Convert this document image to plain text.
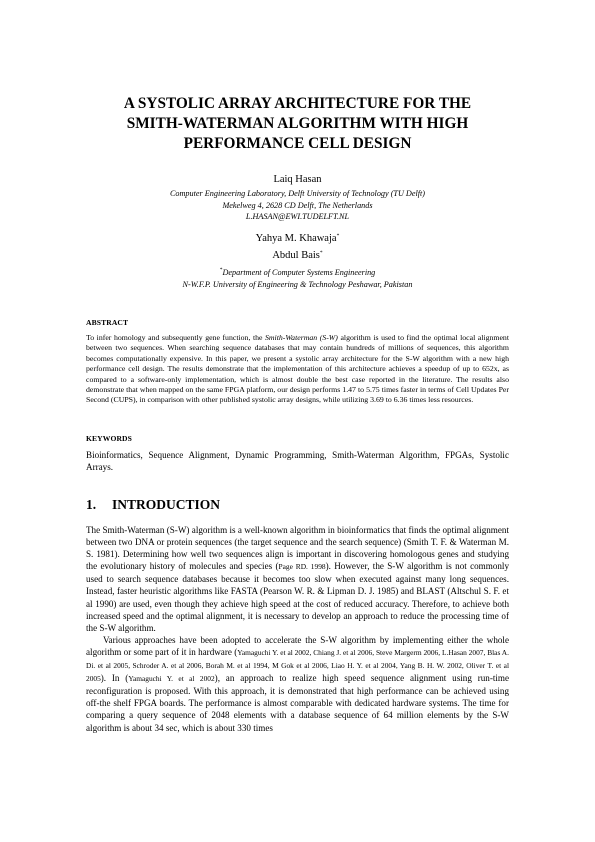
A SYSTOLIC ARRAY ARCHITECTURE FOR THE
SMITH-WATERMAN ALGORITHM WITH HIGH
PERFORMANCE CELL DESIGN
Laiq Hasan
Computer Engineering Laboratory, Delft University of Technology (TU Delft)
Mekelweg 4, 2628 CD Delft, The Netherlands
L.HASAN@EWI.TUDELFT.NL
Yahya M. Khawaja*
Abdul Bais*
*Department of Computer Systems Engineering
N-W.F.P. University of Engineering & Technology Peshawar, Pakistan
ABSTRACT
To infer homology and subsequently gene function, the Smith-Waterman (S-W) algorithm is used to find the optimal local alignment between two sequences. When searching sequence databases that may contain hundreds of millions of sequences, this algorithm becomes computationally expensive. In this paper, we present a systolic array architecture for the S-W algorithm with a new high performance cell design. The results demonstrate that the implementation of this architecture achieves a speedup of up to 652x, as compared to a software-only implementation, which is almost double the best case reported in the literature. The results also demonstrate that when mapped on the same FPGA platform, our design performs 1.47 to 5.75 times faster in terms of Cell Updates Per Second (CUPS), in comparison with other published systolic array designs, while utilizing 3.69 to 6.36 times less resources.
KEYWORDS
Bioinformatics, Sequence Alignment, Dynamic Programming, Smith-Waterman Algorithm, FPGAs, Systolic Arrays.
1. INTRODUCTION

The Smith-Waterman (S-W) algorithm is a well-known algorithm in bioinformatics that finds the optimal alignment between two DNA or protein sequences (the target sequence and the search sequence) (Smith T. F. & Waterman M. S. 1981). Determining how well two sequences align is important in discovering homologous genes and studying the evolutionary history of molecules and species (Page RD. 1998). However, the S-W algorithm is not commonly used to search sequence databases because it becomes too slow when executed against many long sequences. Instead, faster heuristic algorithms like FASTA (Pearson W. R. & Lipman D. J. 1985) and BLAST (Altschul S. F. et al 1990) are used, even though they achieve high speed at the cost of reduced accuracy. Therefore, to achieve both increased speed and the optimal alignment, it is necessary to develop an approach to reduce the processing time of the S-W algorithm.

Various approaches have been adopted to accelerate the S-W algorithm by implementing either the whole algorithm or some part of it in hardware (Yamaguchi Y. et al 2002, Chiang J. et al 2006, Steve Margerm 2006, L.Hasan 2007, Blas A. Di. et al 2005, Schroder A. et al 2006, Borah M. et al 1994, M Gok et al 2006, Liao H. Y. et al 2004, Yang B. H. W. 2002, Oliver T. et al 2005). In (Yamaguchi Y. et al 2002), an approach to realize high speed sequence alignment using run-time reconfiguration is proposed. With this approach, it is demonstrated that high performance can be achieved using off-the shelf FPGA boards. The performance is almost comparable with dedicated hardware systems. The time for comparing a query sequence of 2048 elements with a database sequence of 64 million elements by the S-W algorithm is about 34 sec, which is about 330 times
